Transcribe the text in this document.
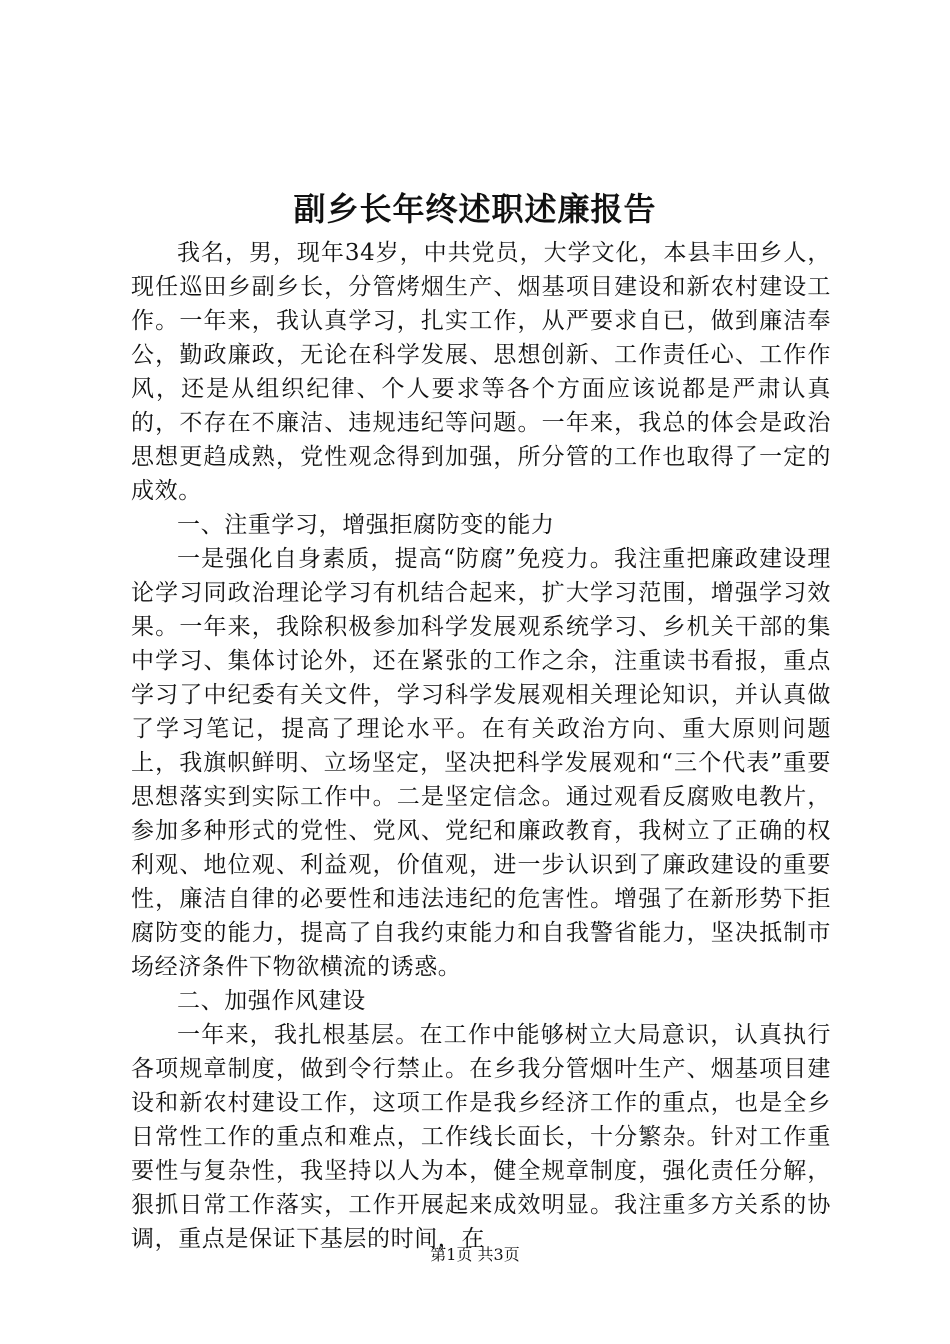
副乡长年终述职述廉报告

我名，男，现年34岁，中共党员，大学文化，本县丰田乡人，现任巡田乡副乡长，分管烤烟生产、烟基项目建设和新农村建设工作。一年来，我认真学习，扎实工作，从严要求自已，做到廉洁奉公，勤政廉政，无论在科学发展、思想创新、工作责任心、工作作风，还是从组织纪律、个人要求等各个方面应该说都是严肃认真的，不存在不廉洁、违规违纪等问题。一年来，我总的体会是政治思想更趋成熟，党性观念得到加强，所分管的工作也取得了一定的成效。

一、注重学习，增强拒腐防变的能力

一是强化自身素质，提高“防腐”免疫力。我注重把廉政建设理论学习同政治理论学习有机结合起来，扩大学习范围，增强学习效果。一年来，我除积极参加科学发展观系统学习、乡机关干部的集中学习、集体讨论外，还在紧张的工作之余，注重读书看报，重点学习了中纪委有关文件，学习科学发展观相关理论知识，并认真做了学习笔记，提高了理论水平。在有关政治方向、重大原则问题上，我旗帜鲜明、立场坚定，坚决把科学发展观和“三个代表”重要思想落实到实际工作中。二是坚定信念。通过观看反腐败电教片，参加多种形式的党性、党风、党纪和廉政教育，我树立了正确的权利观、地位观、利益观，价值观，进一步认识到了廉政建设的重要性，廉洁自律的必要性和违法违纪的危害性。增强了在新形势下拒腐防变的能力，提高了自我约束能力和自我警省能力，坚决抵制市场经济条件下物欲横流的诱惑。

二、加强作风建设

一年来，我扎根基层。在工作中能够树立大局意识，认真执行各项规章制度，做到令行禁止。在乡我分管烟叶生产、烟基项目建设和新农村建设工作，这项工作是我乡经济工作的重点，也是全乡日常性工作的重点和难点，工作线长面长，十分繁杂。针对工作重要性与复杂性，我坚持以人为本，健全规章制度，强化责任分解，狠抓日常工作落实，工作开展起来成效明显。我注重多方关系的协调，重点是保证下基层的时间，在

第1页 共3页
